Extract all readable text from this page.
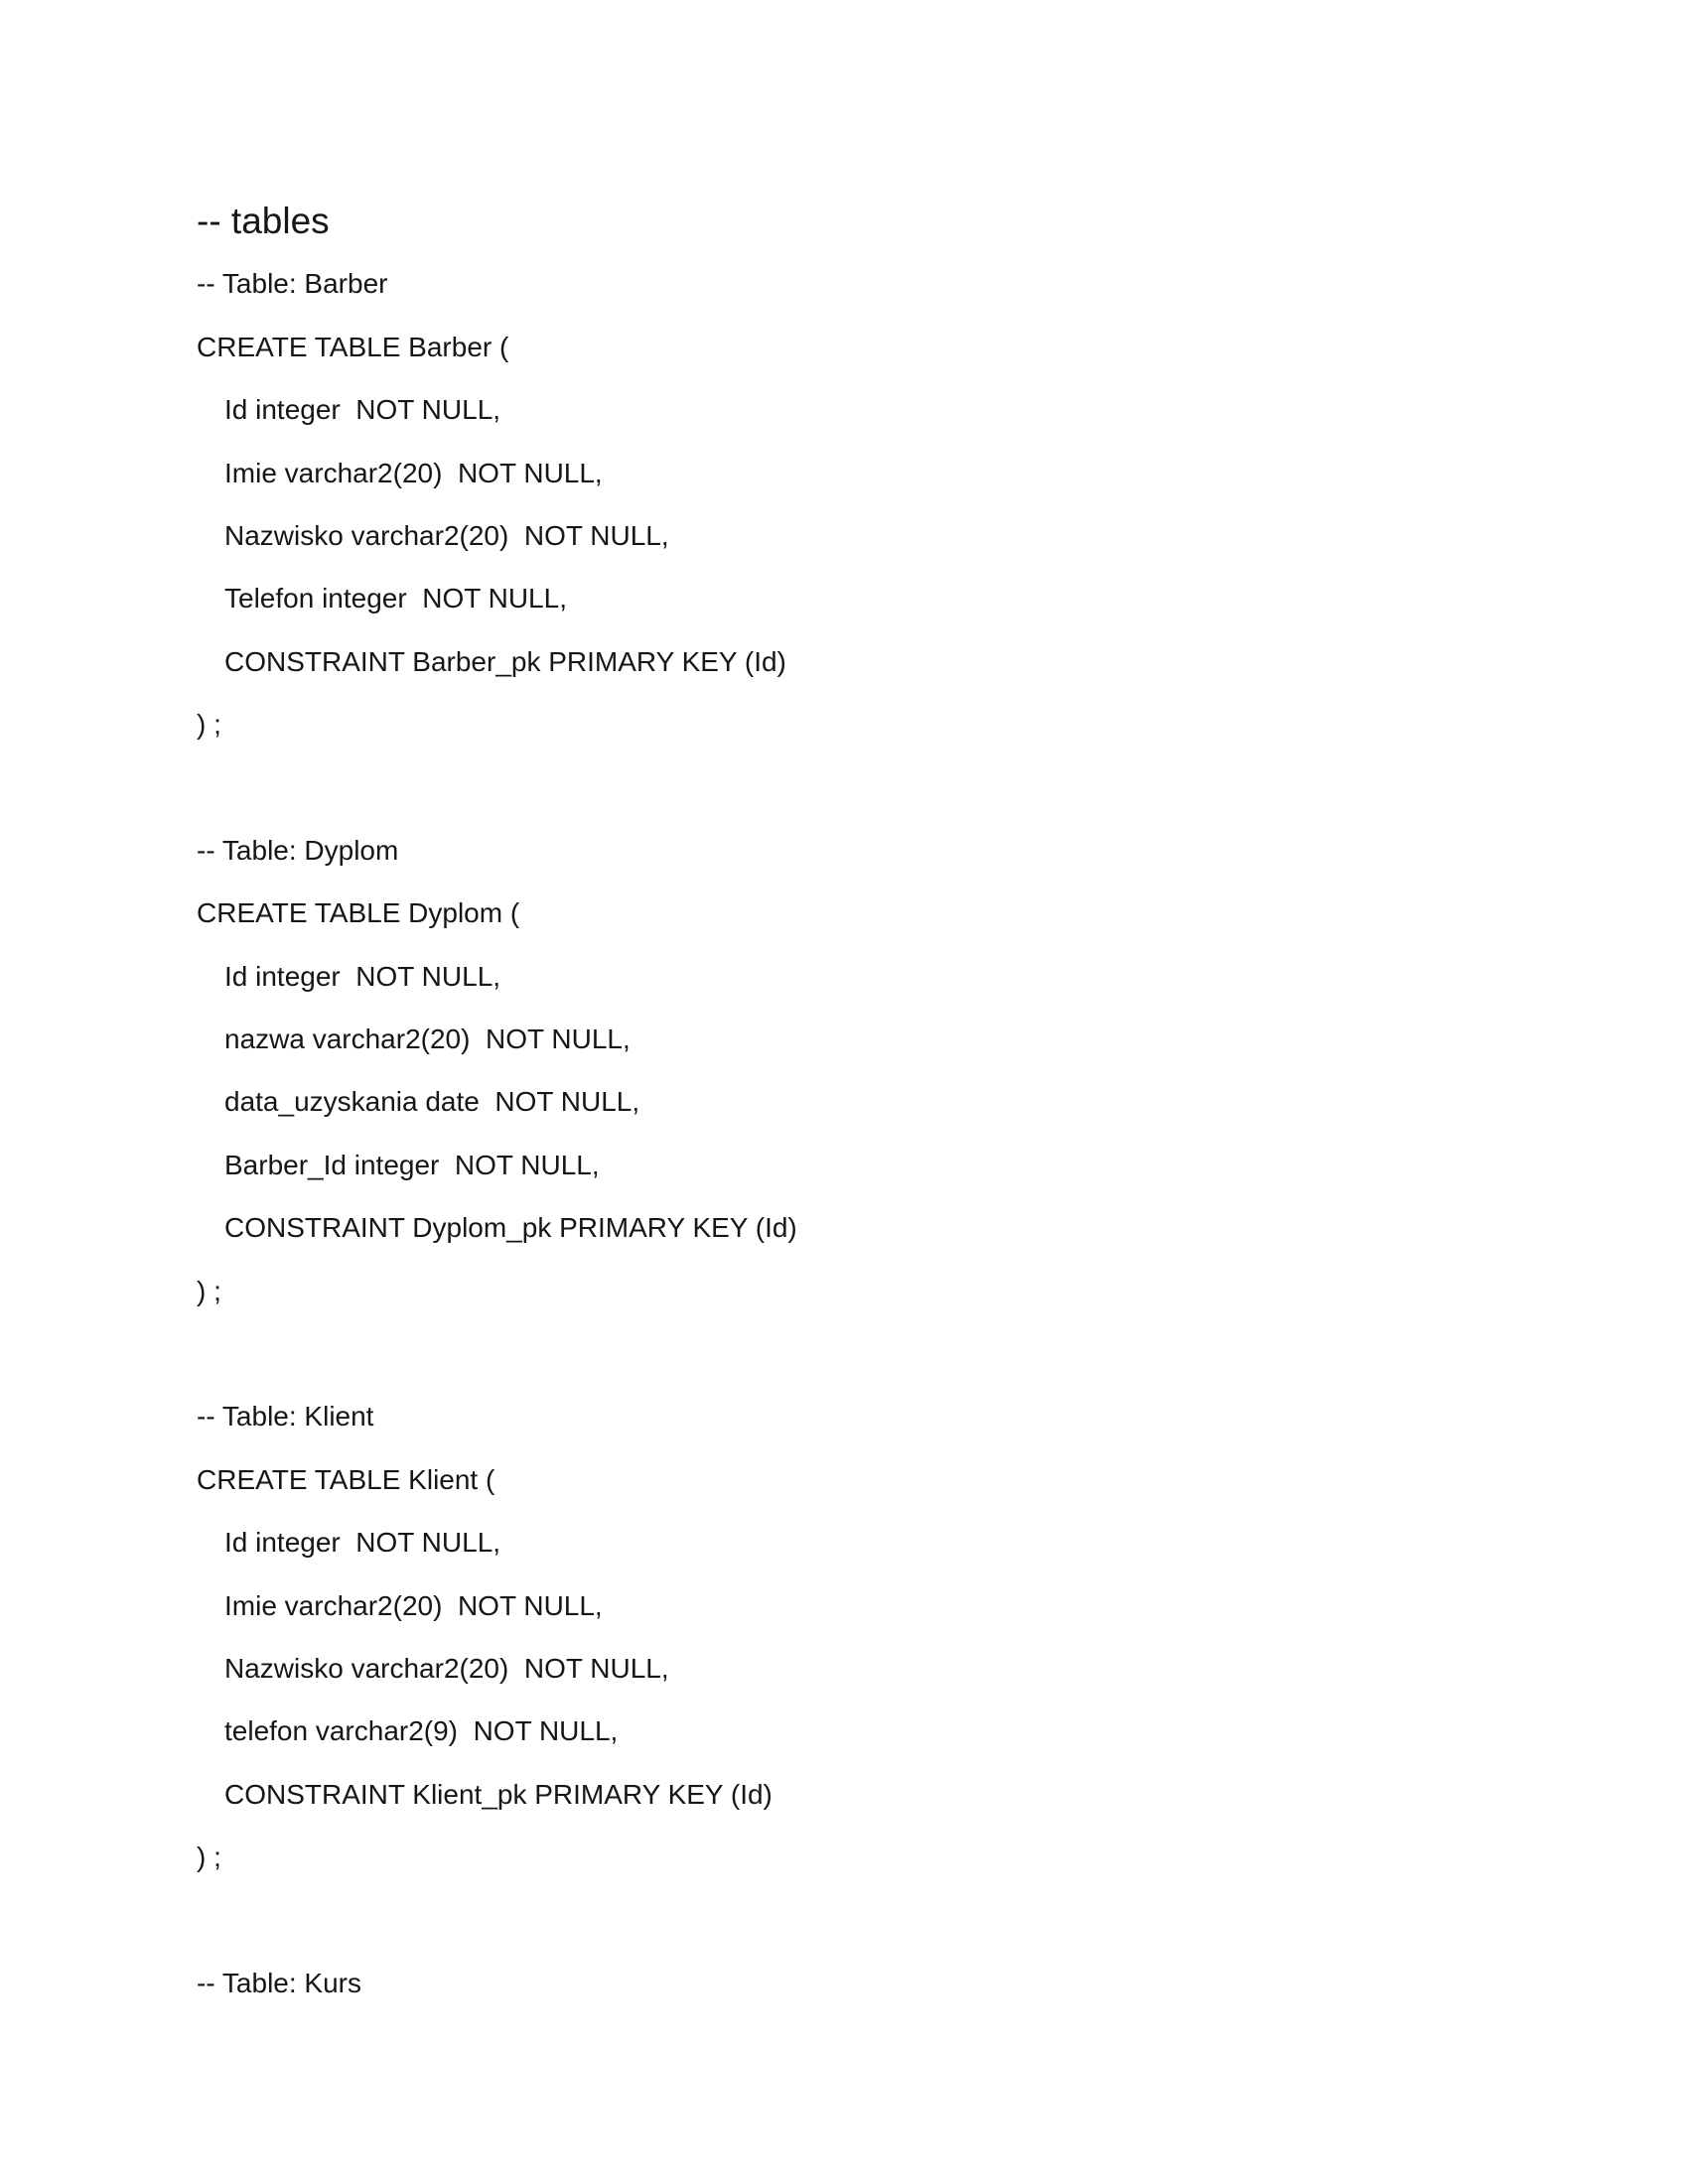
-- tables
-- Table: Barber
CREATE TABLE Barber (
Id integer  NOT NULL,
Imie varchar2(20)  NOT NULL,
Nazwisko varchar2(20)  NOT NULL,
Telefon integer  NOT NULL,
CONSTRAINT Barber_pk PRIMARY KEY (Id)
) ;
-- Table: Dyplom
CREATE TABLE Dyplom (
Id integer  NOT NULL,
nazwa varchar2(20)  NOT NULL,
data_uzyskania date  NOT NULL,
Barber_Id integer  NOT NULL,
CONSTRAINT Dyplom_pk PRIMARY KEY (Id)
) ;
-- Table: Klient
CREATE TABLE Klient (
Id integer  NOT NULL,
Imie varchar2(20)  NOT NULL,
Nazwisko varchar2(20)  NOT NULL,
telefon varchar2(9)  NOT NULL,
CONSTRAINT Klient_pk PRIMARY KEY (Id)
) ;
-- Table: Kurs
